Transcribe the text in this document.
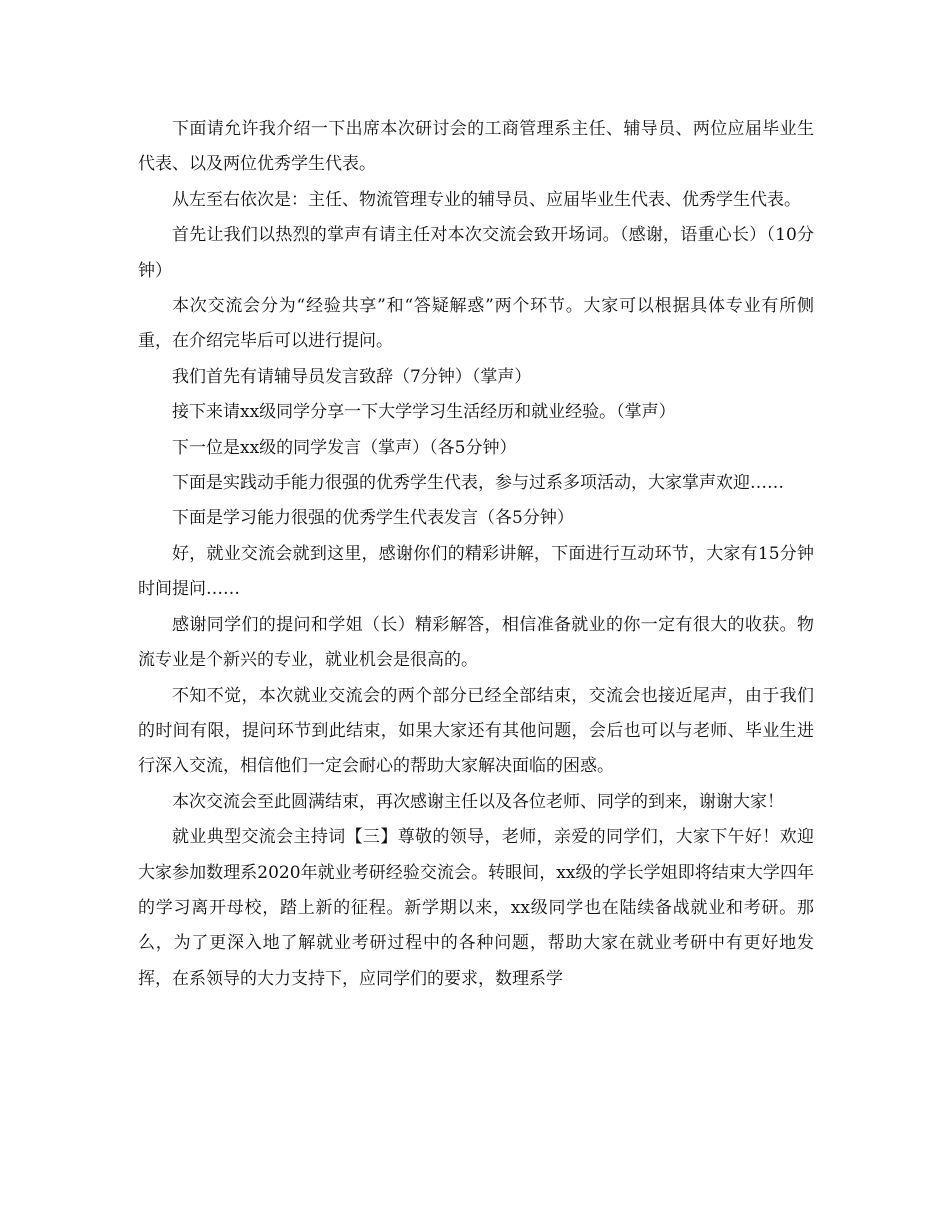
下面请允许我介绍一下出席本次研讨会的工商管理系主任、辅导员、两位应届毕业生代表、以及两位优秀学生代表。

从左至右依次是：主任、物流管理专业的辅导员、应届毕业生代表、优秀学生代表。

首先让我们以热烈的掌声有请主任对本次交流会致开场词。（感谢，语重心长）（10分钟）

本次交流会分为“经验共享”和“答疑解惑”两个环节。大家可以根据具体专业有所侧重，在介绍完毕后可以进行提问。

我们首先有请辅导员发言致辞（7分钟）（掌声）

接下来请xx级同学分享一下大学学习生活经历和就业经验。（掌声）

下一位是xx级的同学发言（掌声）（各5分钟）

下面是实践动手能力很强的优秀学生代表，参与过系多项活动，大家掌声欢迎……

下面是学习能力很强的优秀学生代表发言（各5分钟）

好，就业交流会就到这里，感谢你们的精彩讲解，下面进行互动环节，大家有15分钟时间提问……

感谢同学们的提问和学姐（长）精彩解答，相信准备就业的你一定有很大的收获。物流专业是个新兴的专业，就业机会是很高的。

不知不觉，本次就业交流会的两个部分已经全部结束，交流会也接近尾声，由于我们的时间有限，提问环节到此结束，如果大家还有其他问题，会后也可以与老师、毕业生进行深入交流，相信他们一定会耐心的帮助大家解决面临的困惑。

本次交流会至此圆满结束，再次感谢主任以及各位老师、同学的到来，谢谢大家！

就业典型交流会主持词【三】尊敬的领导，老师，亲爱的同学们，大家下午好！欢迎大家参加数理系2020年就业考研经验交流会。转眼间，xx级的学长学姐即将结束大学四年的学习离开母校，踏上新的征程。新学期以来，xx级同学也在陆续备战就业和考研。那么，为了更深入地了解就业考研过程中的各种问题，帮助大家在就业考研中有更好地发挥，在系领导的大力支持下，应同学们的要求，数理系学
